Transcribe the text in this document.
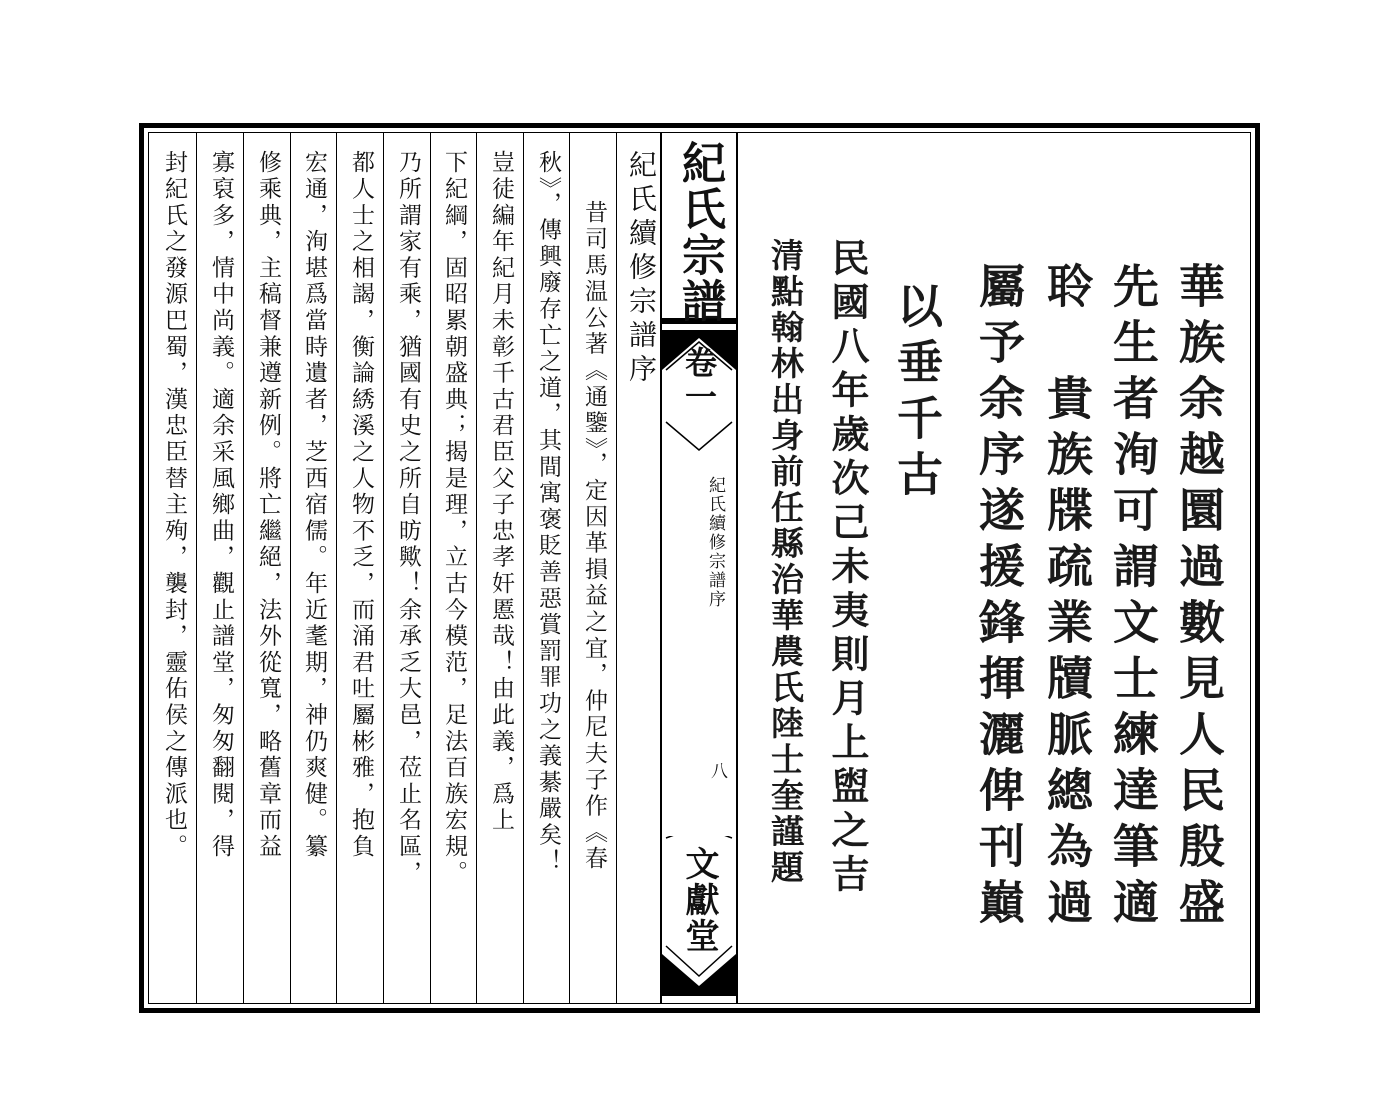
紀氏續修宗譜序
昔司馬温公著《通鑒》，定因革損益之宜，仲尼夫子作《春
秋》，傳興廢存亡之道，其間寓褒貶善惡賞罰罪功之義綦嚴矣！
豈徒編年紀月未彰千古君臣父子忠孝奸慝哉！由此義，爲上
下紀綱，固昭累朝盛典；揭是理，立古今模范，足法百族宏規。
乃所謂家有乘，猶國有史之所自昉歟！余承乏大邑，莅止名區，
都人士之相謁，衡論綉溪之人物不乏，而涌君吐屬彬雅，抱負
宏通，洵堪爲當時遺者，芝西宿儒。年近耄期，神仍爽健。纂
修乘典，主稿督兼遵新例。將亡繼絕，法外從寬，略舊章而益
寡裒多，情中尚義。適余采風鄉曲，觀止譜堂，匆匆翻閱，得
封紀氏之發源巴蜀，漢忠臣替主殉，襲封，靈佑侯之傳派也。	紀氏宗譜
卷一
紀氏續修宗譜序
八
文獻堂	華族余越圜過數見人民殷盛
先生者洵可謂文士練達筆適
聆　貴族牒疏業牘脈總為過
屬予余序遂援鋒揮灑俾刊巔
以垂千古
民國八年歲次己未夷則月上盥之吉
清點翰林出身前任縣治華農氏陸士奎謹題
